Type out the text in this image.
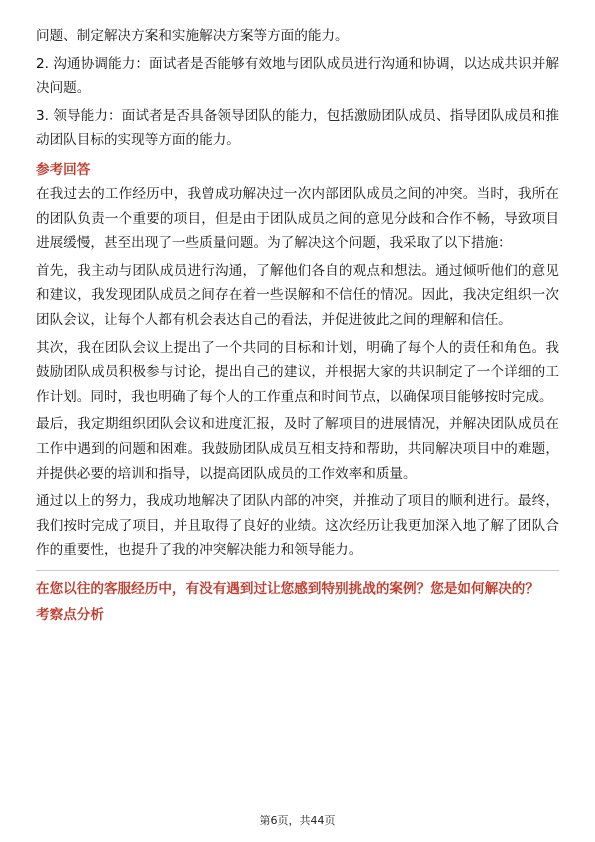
问题、制定解决方案和实施解决方案等方面的能力。

2. 沟通协调能力：面试者是否能够有效地与团队成员进行沟通和协调，以达成共识并解决问题。

3. 领导能力：面试者是否具备领导团队的能力，包括激励团队成员、指导团队成员和推动团队目标的实现等方面的能力。

参考回答

在我过去的工作经历中，我曾成功解决过一次内部团队成员之间的冲突。当时，我所在的团队负责一个重要的项目，但是由于团队成员之间的意见分歧和合作不畅，导致项目进展缓慢，甚至出现了一些质量问题。为了解决这个问题，我采取了以下措施：

首先，我主动与团队成员进行沟通，了解他们各自的观点和想法。通过倾听他们的意见和建议，我发现团队成员之间存在着一些误解和不信任的情况。因此，我决定组织一次团队会议，让每个人都有机会表达自己的看法，并促进彼此之间的理解和信任。

其次，我在团队会议上提出了一个共同的目标和计划，明确了每个人的责任和角色。我鼓励团队成员积极参与讨论，提出自己的建议，并根据大家的共识制定了一个详细的工作计划。同时，我也明确了每个人的工作重点和时间节点，以确保项目能够按时完成。

最后，我定期组织团队会议和进度汇报，及时了解项目的进展情况，并解决团队成员在工作中遇到的问题和困难。我鼓励团队成员互相支持和帮助，共同解决项目中的难题，并提供必要的培训和指导，以提高团队成员的工作效率和质量。

通过以上的努力，我成功地解决了团队内部的冲突，并推动了项目的顺利进行。最终，我们按时完成了项目，并且取得了良好的业绩。这次经历让我更加深入地了解了团队合作的重要性，也提升了我的冲突解决能力和领导能力。

在您以往的客服经历中，有没有遇到过让您感到特别挑战的案例？您是如何解决的？

考察点分析

第6页，共44页
